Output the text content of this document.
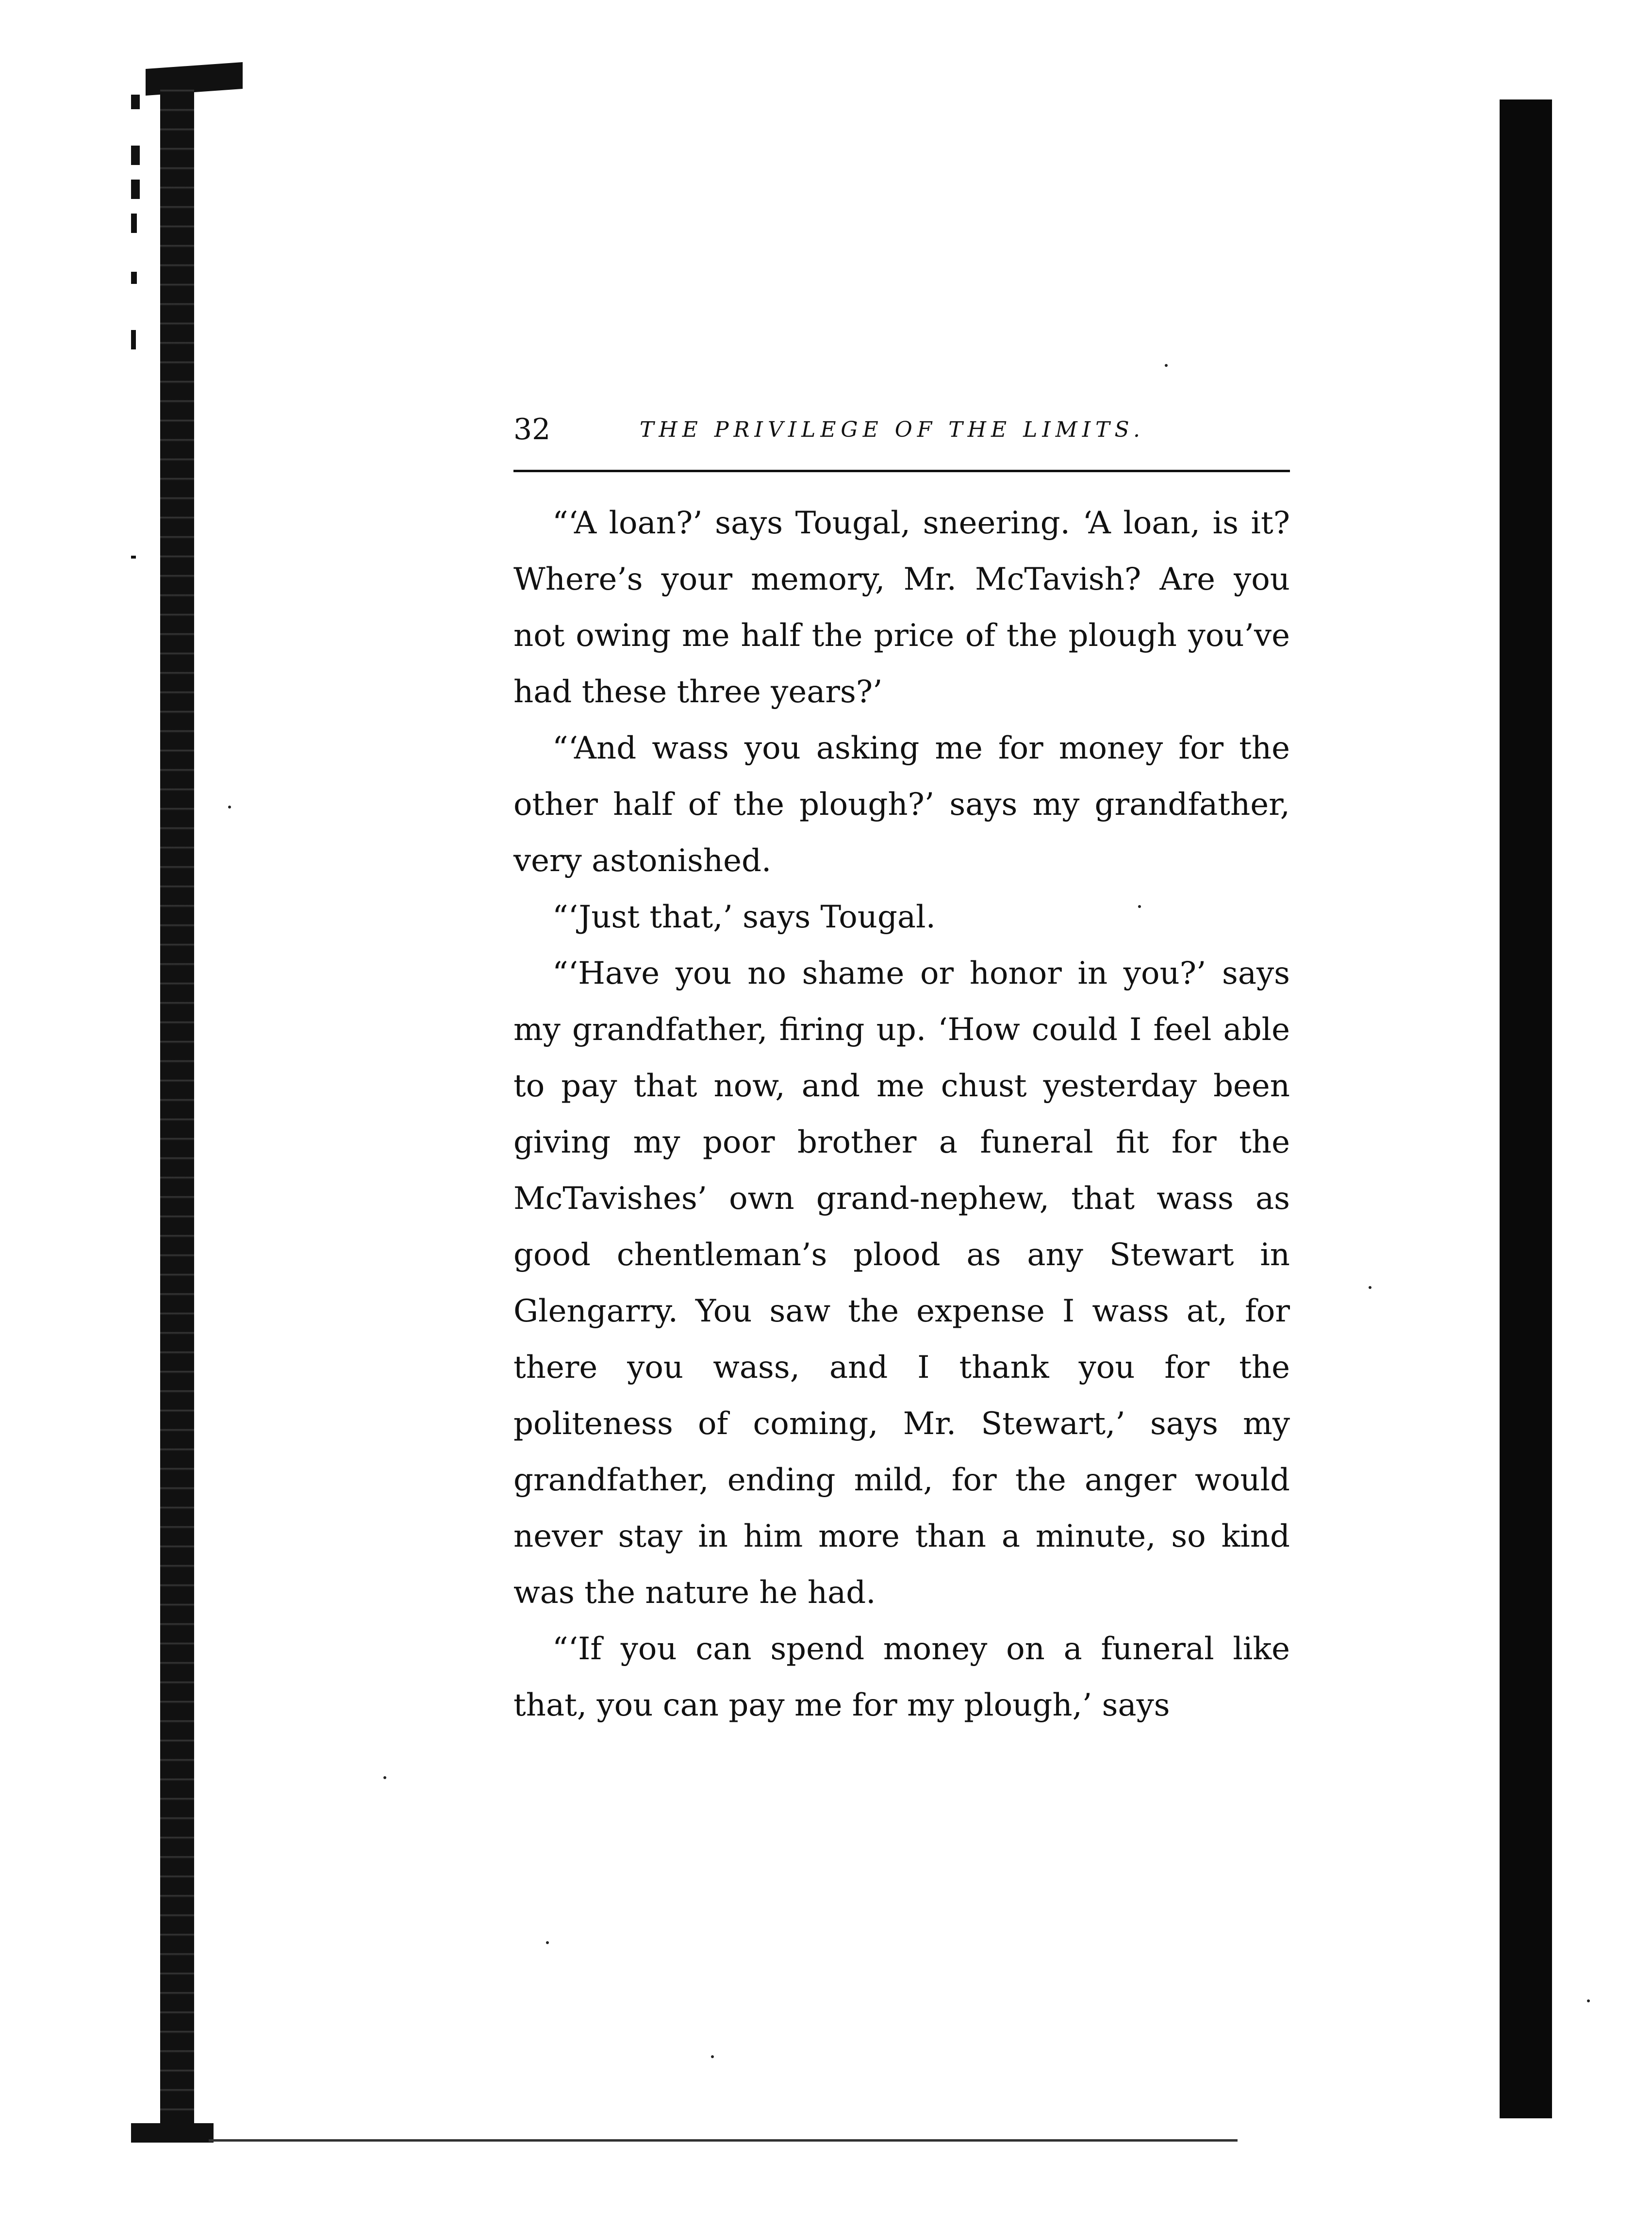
32	THE PRIVILEGE OF THE LIMITS.

“‘A loan?’ says Tougal, sneering. ‘A loan, is it? Where’s your memory, Mr. McTavish? Are you not owing me half the price of the plough you’ve had these three years?’

“‘And wass you asking me for money for the other half of the plough?’ says my grandfather, very astonished.

“‘Just that,’ says Tougal.

“‘Have you no shame or honor in you?’ says my grandfather, firing up. ‘How could I feel able to pay that now, and me chust yesterday been giving my poor brother a funeral fit for the McTavishes’ own grand-nephew, that wass as good chentleman’s plood as any Stewart in Glengarry. You saw the expense I wass at, for there you wass, and I thank you for the politeness of coming, Mr. Stewart,’ says my grandfather, ending mild, for the anger would never stay in him more than a minute, so kind was the nature he had.

“‘If you can spend money on a funeral like that, you can pay me for my plough,’ says
